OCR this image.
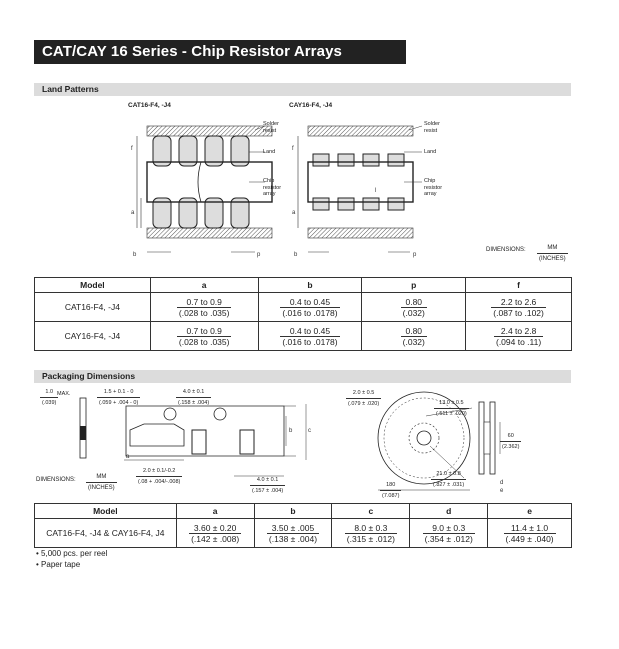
CAT/CAY 16 Series - Chip Resistor Arrays
Land Patterns
CAT16-F4, -J4	CAY16-F4, -J4
f
a
b	p
f
a
b	p
l
Solder
resist
Land
Chip
resistor
array
Solder
resist
Land
Chip
resistor
array
DIMENSIONS: $\frac{MM}{\text{(INCHES)}}$
Model	a	b	p	f
CAT16-F4, -J4	$\frac{0.7 to 0.9}{(.028 to .035)}$	$\frac{0.4 to 0.45}{(.016 to .0178)}$	$\frac{0.80}{(.032)}$	$\frac{2.2 to 2.6}{(.087 to .102)}$

CAY16-F4, -J4	$\frac{0.7 to 0.9}{(.028 to .035)}$	$\frac{0.4 to 0.45}{(.016 to .0178)}$	$\frac{0.80}{(.032)}$	$\frac{2.4 to 2.8}{(.094 to .11)}$
Packaging Dimensions
c
b
a
d
e
$\frac{1.0}{(.039)}$
MAX.	$\frac{1.5 + 0.1 - 0}{(.059 + .004 - 0)}$	$\frac{4.0 \pm 0.1}{(.158 \pm .004)}$
$\frac{2.0 \pm 0.1/-0.2}{(.08 + .004/-.008)}$	$\frac{4.0 \pm 0.1}{(.157 \pm .004)}$
$\frac{2.0 \pm 0.5}{(.079 \pm .020)}$	$\frac{13.0 \pm 0.5}{(.511 \pm .020)}$
$\frac{21.0 \pm 0.8}{(.827 \pm .031)}$
$\frac{180}{(7.087)}$
$\frac{60}{(2.362)}$
DIMENSIONS: $\frac{MM}{\text{(INCHES)}}$
Model	a	b	c	d	e
CAT16-F4, -J4 & CAY16-F4, J4	$\frac{3.60 \pm 0.20}{(.142 \pm .008)}$	$\frac{3.50 \pm .005}{(.138 \pm .004)}$	$\frac{8.0 \pm 0.3}{(.315 \pm .012)}$	$\frac{9.0 \pm 0.3}{(.354 \pm .012)}$	$\frac{11.4 \pm 1.0}{(.449 \pm .040)}$
• 5,000 pcs. per reel
• Paper tape
